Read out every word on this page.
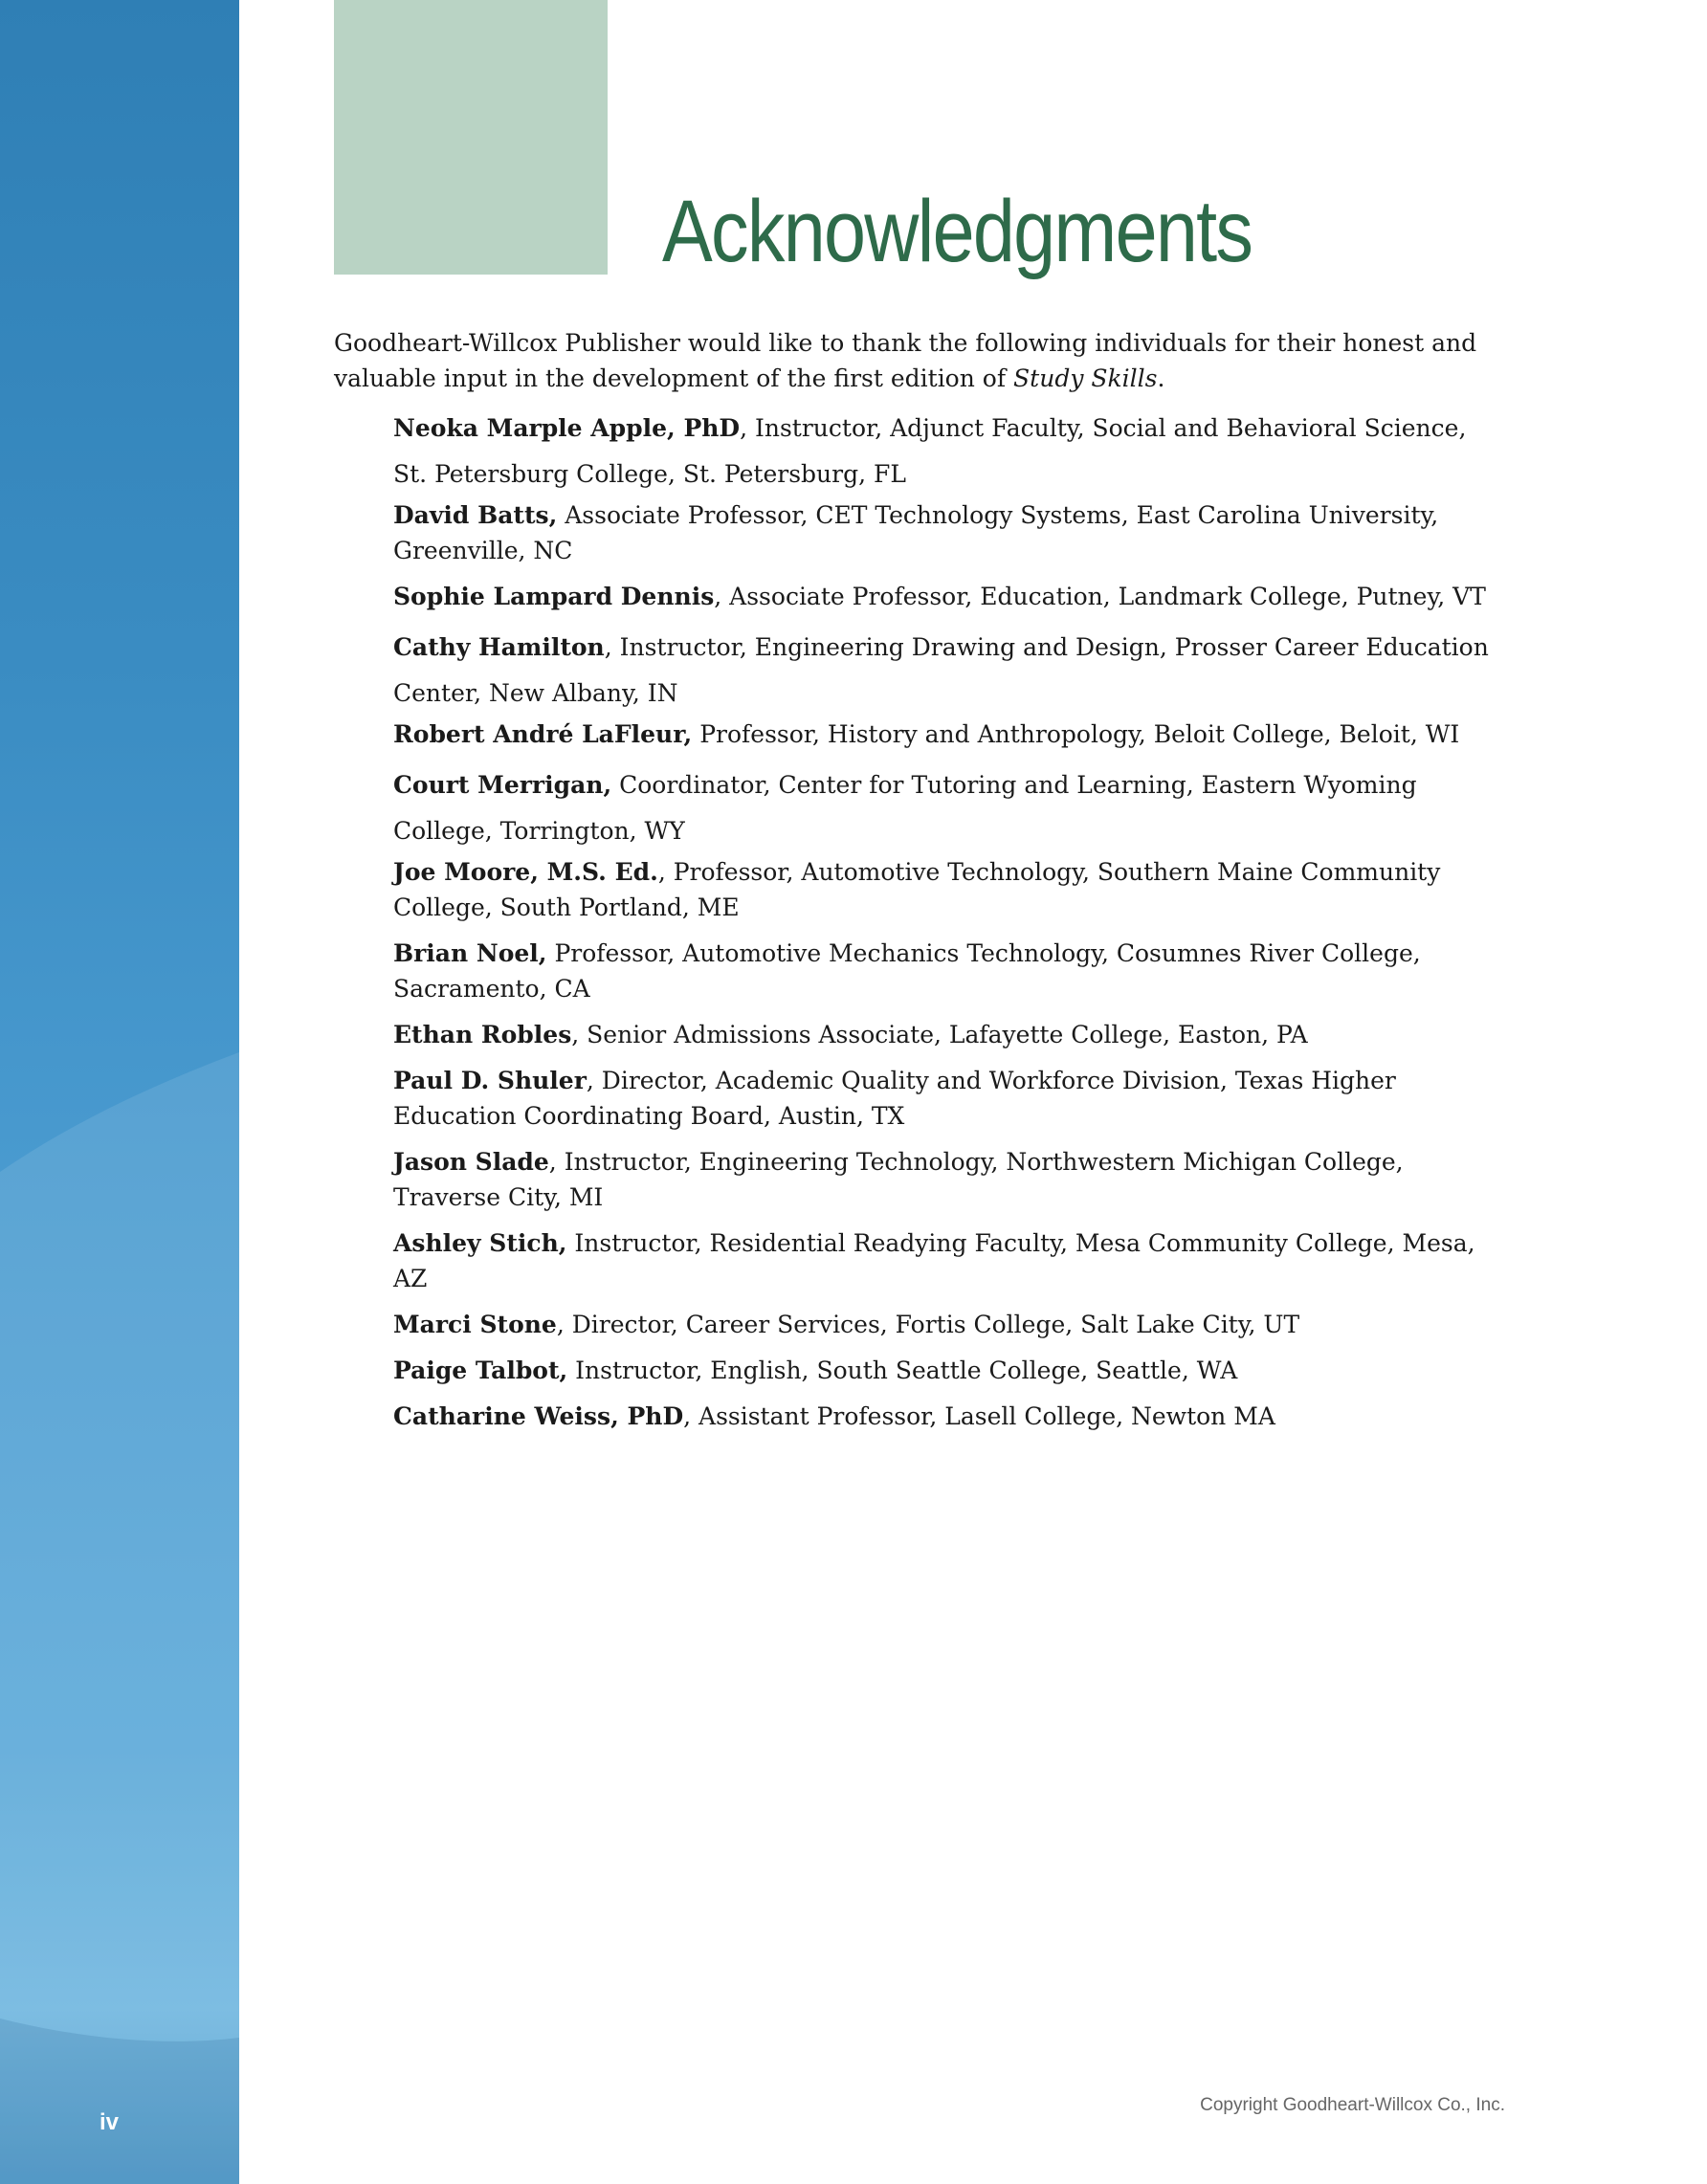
iv
Acknowledgments

Goodheart-Willcox Publisher would like to thank the following individuals for their honest and valuable input in the development of the first edition of Study Skills.

Neoka Marple Apple, PhD, Instructor, Adjunct Faculty, Social and Behavioral Science, St. Petersburg College, St. Petersburg, FL
David Batts, Associate Professor, CET Technology Systems, East Carolina University, Greenville, NC
Sophie Lampard Dennis, Associate Professor, Education, Landmark College, Putney, VT
Cathy Hamilton, Instructor, Engineering Drawing and Design, Prosser Career Education Center, New Albany, IN
Robert André LaFleur, Professor, History and Anthropology, Beloit College, Beloit, WI
Court Merrigan, Coordinator, Center for Tutoring and Learning, Eastern Wyoming College, Torrington, WY
Joe Moore, M.S. Ed., Professor, Automotive Technology, Southern Maine Community College, South Portland, ME
Brian Noel, Professor, Automotive Mechanics Technology, Cosumnes River College, Sacramento, CA
Ethan Robles, Senior Admissions Associate, Lafayette College, Easton, PA
Paul D. Shuler, Director, Academic Quality and Workforce Division, Texas Higher Education Coordinating Board, Austin, TX
Jason Slade, Instructor, Engineering Technology, Northwestern Michigan College, Traverse City, MI
Ashley Stich, Instructor, Residential Readying Faculty, Mesa Community College, Mesa, AZ
Marci Stone, Director, Career Services, Fortis College, Salt Lake City, UT
Paige Talbot, Instructor, English, South Seattle College, Seattle, WA
Catharine Weiss, PhD, Assistant Professor, Lasell College, Newton MA
Copyright Goodheart-Willcox Co., Inc.
